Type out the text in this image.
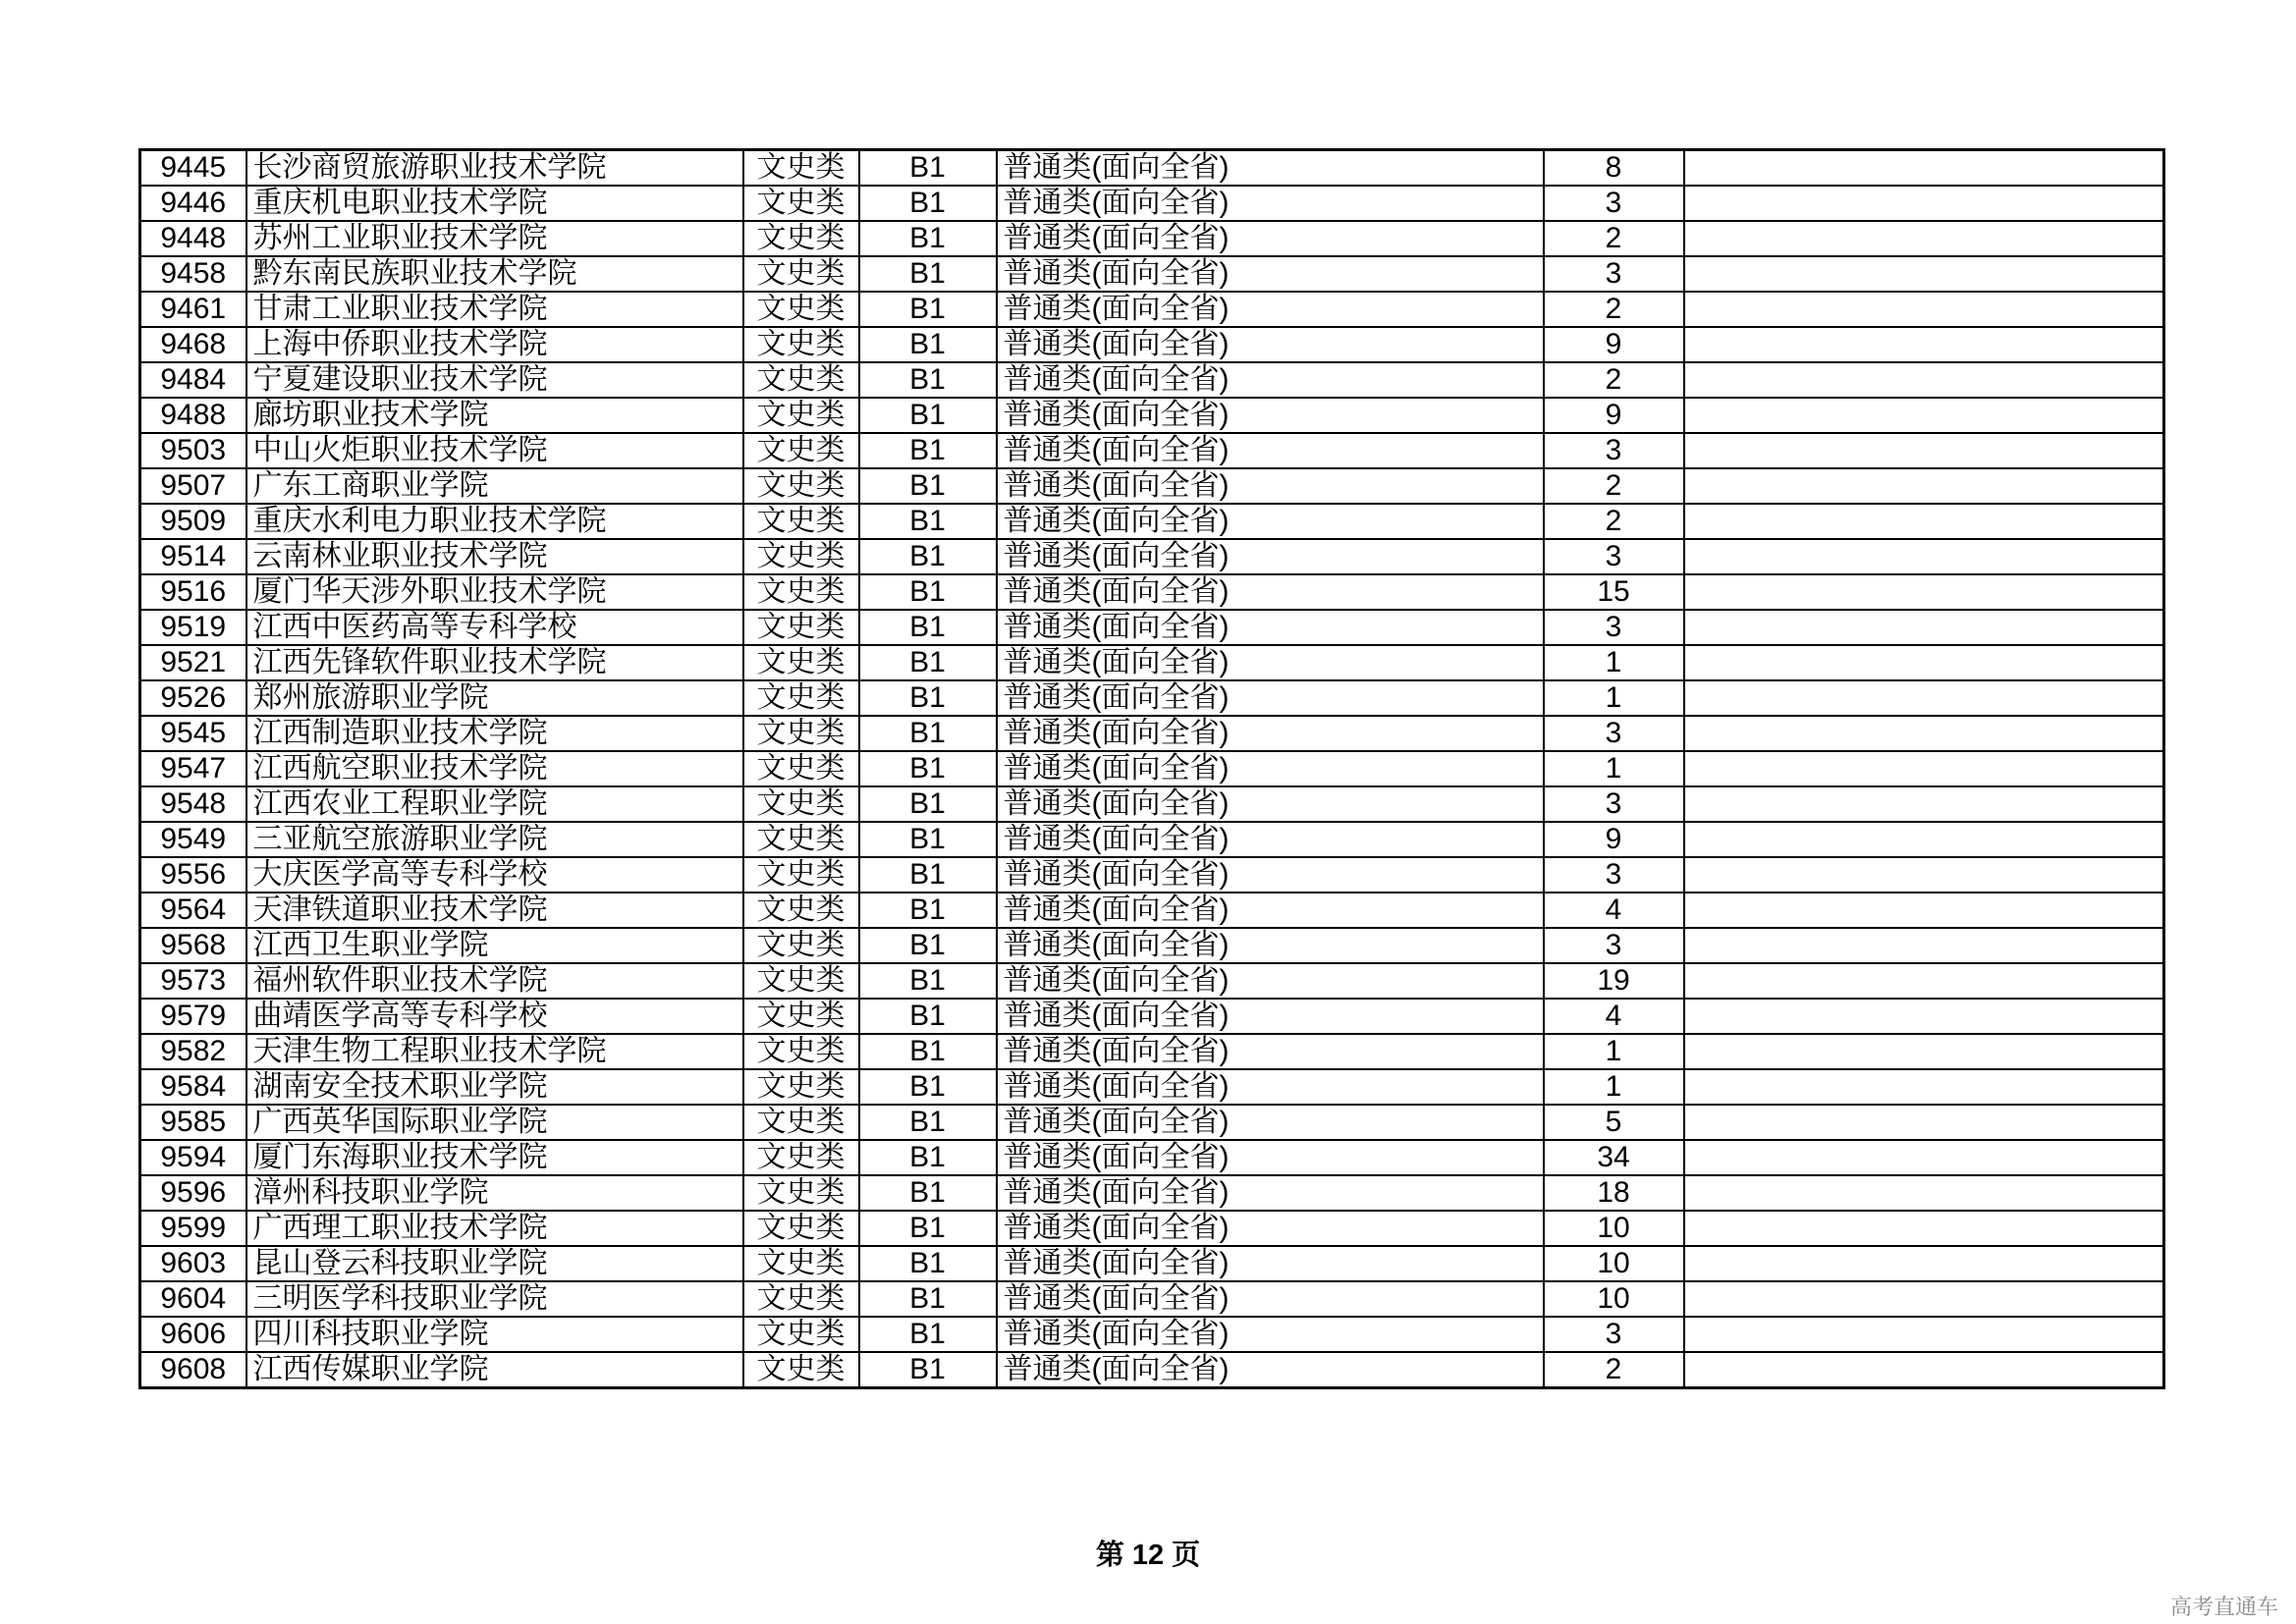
9445	长沙商贸旅游职业技术学院	文史类	B1	普通类(面向全省)	8	
9446	重庆机电职业技术学院	文史类	B1	普通类(面向全省)	3	
9448	苏州工业职业技术学院	文史类	B1	普通类(面向全省)	2	
9458	黔东南民族职业技术学院	文史类	B1	普通类(面向全省)	3	
9461	甘肃工业职业技术学院	文史类	B1	普通类(面向全省)	2	
9468	上海中侨职业技术学院	文史类	B1	普通类(面向全省)	9	
9484	宁夏建设职业技术学院	文史类	B1	普通类(面向全省)	2	
9488	廊坊职业技术学院	文史类	B1	普通类(面向全省)	9	
9503	中山火炬职业技术学院	文史类	B1	普通类(面向全省)	3	
9507	广东工商职业学院	文史类	B1	普通类(面向全省)	2	
9509	重庆水利电力职业技术学院	文史类	B1	普通类(面向全省)	2	
9514	云南林业职业技术学院	文史类	B1	普通类(面向全省)	3	
9516	厦门华天涉外职业技术学院	文史类	B1	普通类(面向全省)	15	
9519	江西中医药高等专科学校	文史类	B1	普通类(面向全省)	3	
9521	江西先锋软件职业技术学院	文史类	B1	普通类(面向全省)	1	
9526	郑州旅游职业学院	文史类	B1	普通类(面向全省)	1	
9545	江西制造职业技术学院	文史类	B1	普通类(面向全省)	3	
9547	江西航空职业技术学院	文史类	B1	普通类(面向全省)	1	
9548	江西农业工程职业学院	文史类	B1	普通类(面向全省)	3	
9549	三亚航空旅游职业学院	文史类	B1	普通类(面向全省)	9	
9556	大庆医学高等专科学校	文史类	B1	普通类(面向全省)	3	
9564	天津铁道职业技术学院	文史类	B1	普通类(面向全省)	4	
9568	江西卫生职业学院	文史类	B1	普通类(面向全省)	3	
9573	福州软件职业技术学院	文史类	B1	普通类(面向全省)	19	
9579	曲靖医学高等专科学校	文史类	B1	普通类(面向全省)	4	
9582	天津生物工程职业技术学院	文史类	B1	普通类(面向全省)	1	
9584	湖南安全技术职业学院	文史类	B1	普通类(面向全省)	1	
9585	广西英华国际职业学院	文史类	B1	普通类(面向全省)	5	
9594	厦门东海职业技术学院	文史类	B1	普通类(面向全省)	34	
9596	漳州科技职业学院	文史类	B1	普通类(面向全省)	18	
9599	广西理工职业技术学院	文史类	B1	普通类(面向全省)	10	
9603	昆山登云科技职业学院	文史类	B1	普通类(面向全省)	10	
9604	三明医学科技职业学院	文史类	B1	普通类(面向全省)	10	
9606	四川科技职业学院	文史类	B1	普通类(面向全省)	3	
9608	江西传媒职业学院	文史类	B1	普通类(面向全省)	2	
第 12 页
高考直通车
